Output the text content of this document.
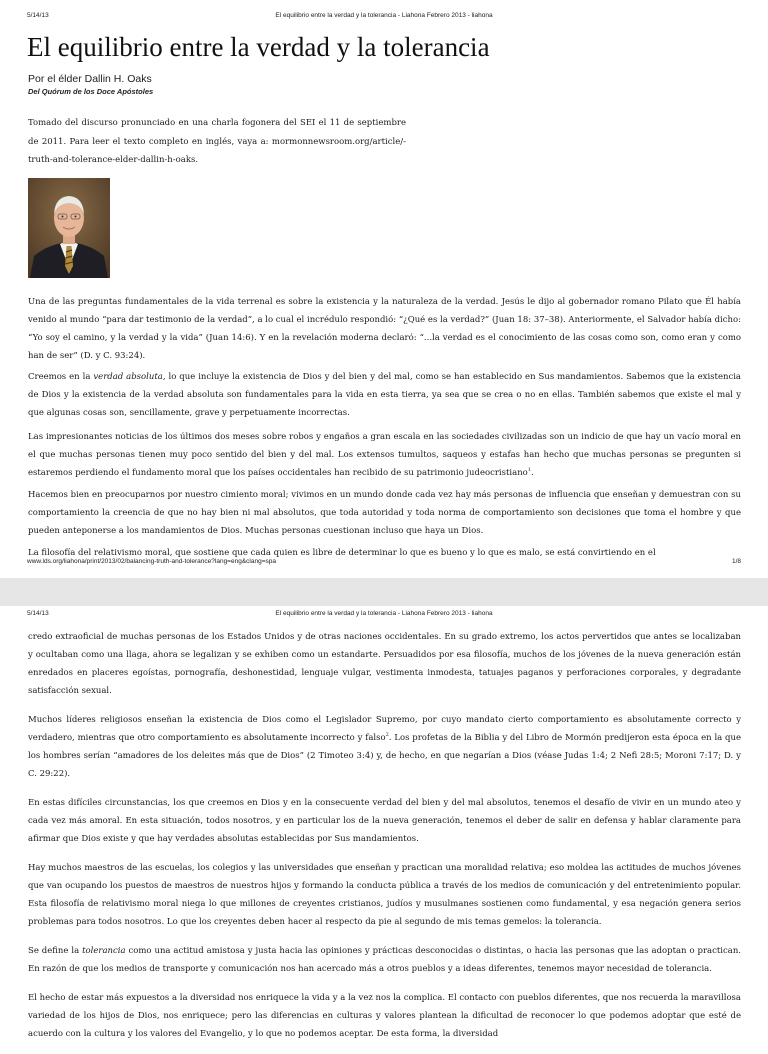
5/14/13	El equilibrio entre la verdad y la tolerancia - Liahona Febrero 2013 - liahona
El equilibrio entre la verdad y la tolerancia

Por el élder Dallin H. Oaks

Del Quórum de los Doce Apóstoles

Tomado del discurso pronunciado en una charla fogonera del SEI el 11 de septiembre de 2011. Para leer el texto completo en inglés, vaya a: mormonnewsroom.org/article/-truth-and-tolerance-elder-dallin-h-oaks.

Una de las preguntas fundamentales de la vida terrenal es sobre la existencia y la naturaleza de la verdad. Jesús le dijo al gobernador romano Pilato que Él había venido al mundo “para dar testimonio de la verdad”, a lo cual el incrédulo respondió: “¿Qué es la verdad?” (Juan 18: 37–38). Anteriormente, el Salvador había dicho: “Yo soy el camino, y la verdad y la vida” (Juan 14:6). Y en la revelación moderna declaró: “...la verdad es el conocimiento de las cosas como son, como eran y como han de ser” (D. y C. 93:24).

Creemos en la verdad absoluta, lo que incluye la existencia de Dios y del bien y del mal, como se han establecido en Sus mandamientos. Sabemos que la existencia de Dios y la existencia de la verdad absoluta son fundamentales para la vida en esta tierra, ya sea que se crea o no en ellas. También sabemos que existe el mal y que algunas cosas son, sencillamente, grave y perpetuamente incorrectas.

Las impresionantes noticias de los últimos dos meses sobre robos y engaños a gran escala en las sociedades civilizadas son un indicio de que hay un vacío moral en el que muchas personas tienen muy poco sentido del bien y del mal. Los extensos tumultos, saqueos y estafas han hecho que muchas personas se pregunten si estaremos perdiendo el fundamento moral que los países occidentales han recibido de su patrimonio judeocristiano$^1$.

Hacemos bien en preocuparnos por nuestro cimiento moral; vivimos en un mundo donde cada vez hay más personas de influencia que enseñan y demuestran con su comportamiento la creencia de que no hay bien ni mal absolutos, que toda autoridad y toda norma de comportamiento son decisiones que toma el hombre y que pueden anteponerse a los mandamientos de Dios. Muchas personas cuestionan incluso que haya un Dios.

La filosofía del relativismo moral, que sostiene que cada quien es libre de determinar lo que es bueno y lo que es malo, se está convirtiendo en el

www.lds.org/liahona/print/2013/02/balancing-truth-and-tolerance?lang=eng&clang=spa	1/8
5/14/13	El equilibrio entre la verdad y la tolerancia - Liahona Febrero 2013 - liahona

credo extraoficial de muchas personas de los Estados Unidos y de otras naciones occidentales. En su grado extremo, los actos pervertidos que antes se localizaban y ocultaban como una llaga, ahora se legalizan y se exhiben como un estandarte. Persuadidos por esa filosofía, muchos de los jóvenes de la nueva generación están enredados en placeres egoístas, pornografía, deshonestidad, lenguaje vulgar, vestimenta inmodesta, tatuajes paganos y perforaciones corporales, y degradante satisfacción sexual.

Muchos líderes religiosos enseñan la existencia de Dios como el Legislador Supremo, por cuyo mandato cierto comportamiento es absolutamente correcto y verdadero, mientras que otro comportamiento es absolutamente incorrecto y falso$^2$. Los profetas de la Biblia y del Libro de Mormón predijeron esta época en la que los hombres serían “amadores de los deleites más que de Dios” (2 Timoteo 3:4) y, de hecho, en que negarían a Dios (véase Judas 1:4; 2 Nefi 28:5; Moroni 7:17; D. y C. 29:22).

En estas difíciles circunstancias, los que creemos en Dios y en la consecuente verdad del bien y del mal absolutos, tenemos el desafío de vivir en un mundo ateo y cada vez más amoral. En esta situación, todos nosotros, y en particular los de la nueva generación, tenemos el deber de salir en defensa y hablar claramente para afirmar que Dios existe y que hay verdades absolutas establecidas por Sus mandamientos.

Hay muchos maestros de las escuelas, los colegios y las universidades que enseñan y practican una moralidad relativa; eso moldea las actitudes de muchos jóvenes que van ocupando los puestos de maestros de nuestros hijos y formando la conducta pública a través de los medios de comunicación y del entretenimiento popular. Esta filosofía de relativismo moral niega lo que millones de creyentes cristianos, judíos y musulmanes sostienen como fundamental, y esa negación genera serios problemas para todos nosotros. Lo que los creyentes deben hacer al respecto da pie al segundo de mis temas gemelos: la tolerancia.

Se define la tolerancia como una actitud amistosa y justa hacia las opiniones y prácticas desconocidas o distintas, o hacia las personas que las adoptan o practican. En razón de que los medios de transporte y comunicación nos han acercado más a otros pueblos y a ideas diferentes, tenemos mayor necesidad de tolerancia.

El hecho de estar más expuestos a la diversidad nos enriquece la vida y a la vez nos la complica. El contacto con pueblos diferentes, que nos recuerda la maravillosa variedad de los hijos de Dios, nos enriquece; pero las diferencias en culturas y valores plantean la dificultad de reconocer lo que podemos adoptar que esté de acuerdo con la cultura y los valores del Evangelio, y lo que no podemos aceptar. De esta forma, la diversidad
